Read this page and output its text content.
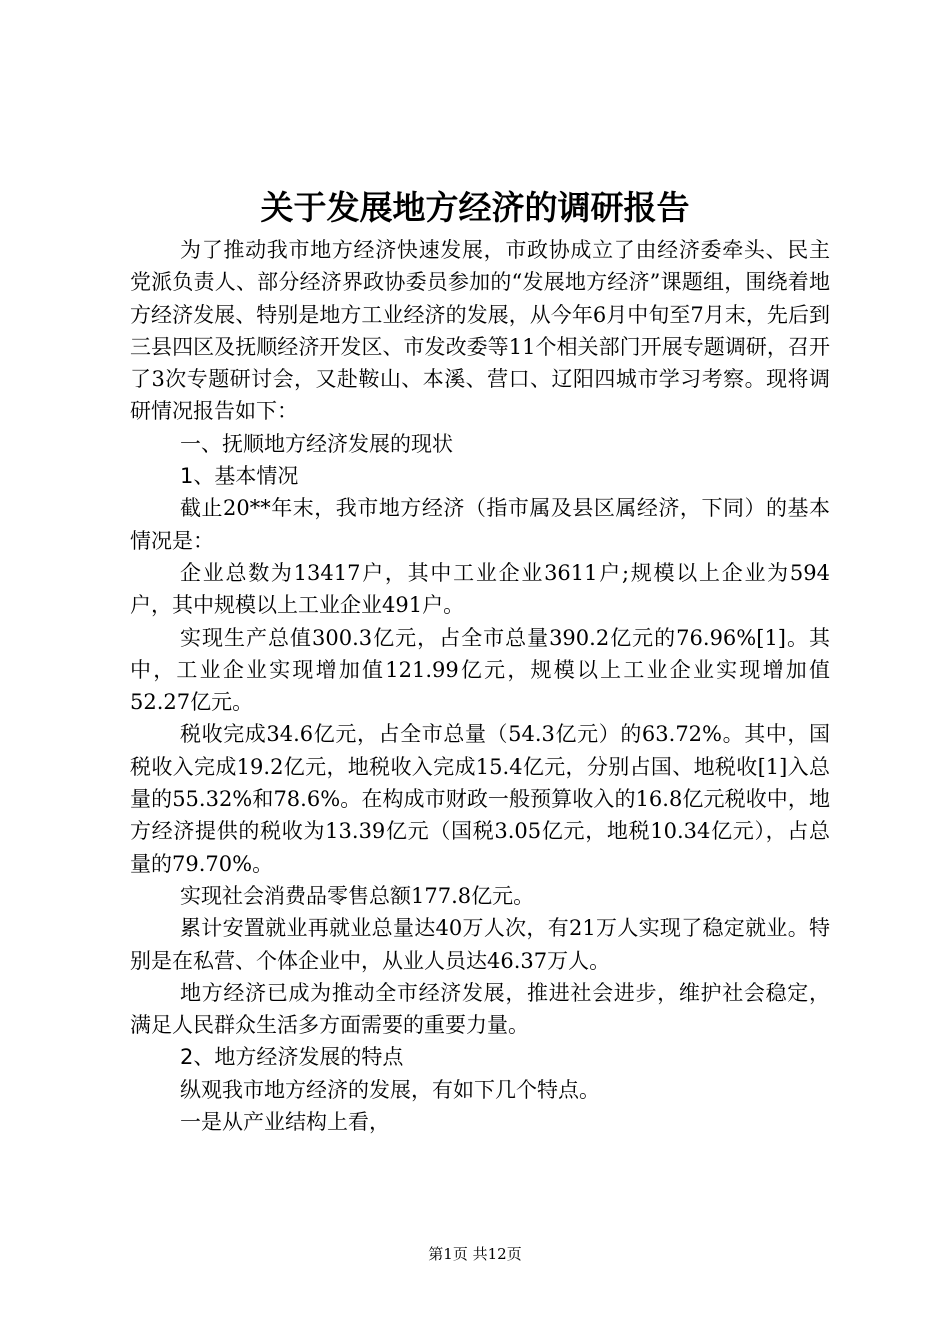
关于发展地方经济的调研报告

为了推动我市地方经济快速发展，市政协成立了由经济委牵头、民主党派负责人、部分经济界政协委员参加的“发展地方经济”课题组，围绕着地方经济发展、特别是地方工业经济的发展，从今年6月中旬至7月末，先后到三县四区及抚顺经济开发区、市发改委等11个相关部门开展专题调研，召开了3次专题研讨会，又赴鞍山、本溪、营口、辽阳四城市学习考察。现将调研情况报告如下：

一、抚顺地方经济发展的现状

1、基本情况

截止20**年末，我市地方经济（指市属及县区属经济，下同）的基本情况是：

企业总数为13417户，其中工业企业3611户;规模以上企业为594户，其中规模以上工业企业491户。

实现生产总值300.3亿元，占全市总量390.2亿元的76.96%[1]。其中，工业企业实现增加值121.99亿元，规模以上工业企业实现增加值52.27亿元。

税收完成34.6亿元，占全市总量（54.3亿元）的63.72%。其中，国税收入完成19.2亿元，地税收入完成15.4亿元，分别占国、地税收[1]入总量的55.32%和78.6%。在构成市财政一般预算收入的16.8亿元税收中，地方经济提供的税收为13.39亿元（国税3.05亿元，地税10.34亿元），占总量的79.70%。

实现社会消费品零售总额177.8亿元。

累计安置就业再就业总量达40万人次，有21万人实现了稳定就业。特别是在私营、个体企业中，从业人员达46.37万人。

地方经济已成为推动全市经济发展，推进社会进步，维护社会稳定，满足人民群众生活多方面需要的重要力量。

2、地方经济发展的特点

纵观我市地方经济的发展，有如下几个特点。

一是从产业结构上看，

第1页 共12页
